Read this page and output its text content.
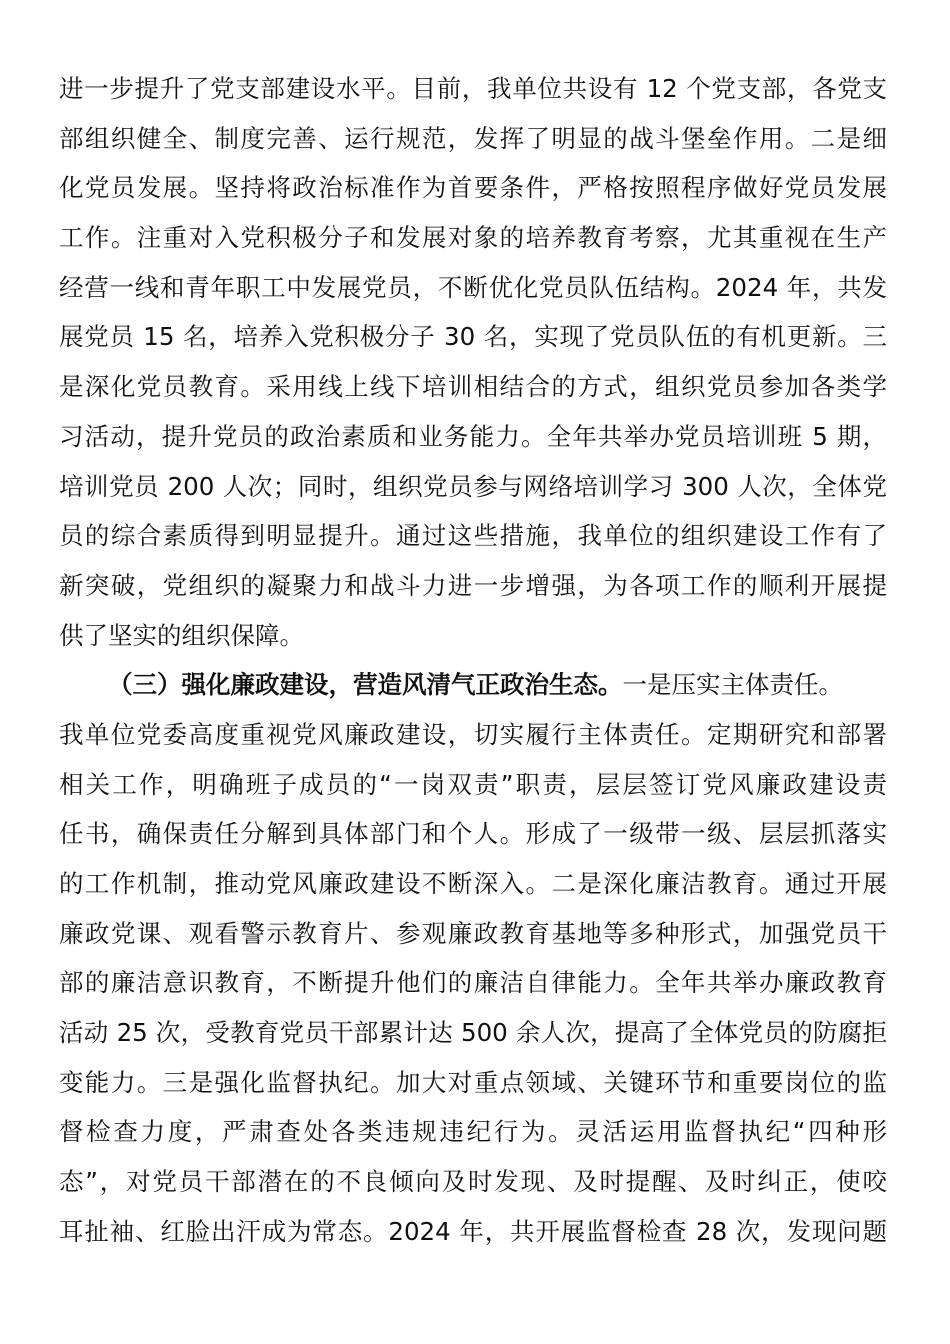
进一步提升了党支部建设水平。目前，我单位共设有 12 个党支部，各党支
部组织健全、制度完善、运行规范，发挥了明显的战斗堡垒作用。二是细
化党员发展。坚持将政治标准作为首要条件，严格按照程序做好党员发展
工作。注重对入党积极分子和发展对象的培养教育考察，尤其重视在生产
经营一线和青年职工中发展党员，不断优化党员队伍结构。2024 年，共发
展党员 15 名，培养入党积极分子 30 名，实现了党员队伍的有机更新。三
是深化党员教育。采用线上线下培训相结合的方式，组织党员参加各类学
习活动，提升党员的政治素质和业务能力。全年共举办党员培训班 5 期，
培训党员 200 人次；同时，组织党员参与网络培训学习 300 人次，全体党
员的综合素质得到明显提升。通过这些措施，我单位的组织建设工作有了
新突破，党组织的凝聚力和战斗力进一步增强，为各项工作的顺利开展提
供了坚实的组织保障。
（三）强化廉政建设，营造风清气正政治生态。一是压实主体责任。
我单位党委高度重视党风廉政建设，切实履行主体责任。定期研究和部署
相关工作，明确班子成员的“一岗双责”职责，层层签订党风廉政建设责
任书，确保责任分解到具体部门和个人。形成了一级带一级、层层抓落实
的工作机制，推动党风廉政建设不断深入。二是深化廉洁教育。通过开展
廉政党课、观看警示教育片、参观廉政教育基地等多种形式，加强党员干
部的廉洁意识教育，不断提升他们的廉洁自律能力。全年共举办廉政教育
活动 25 次，受教育党员干部累计达 500 余人次，提高了全体党员的防腐拒
变能力。三是强化监督执纪。加大对重点领域、关键环节和重要岗位的监
督检查力度，严肃查处各类违规违纪行为。灵活运用监督执纪“四种形
态”，对党员干部潜在的不良倾向及时发现、及时提醒、及时纠正，使咬
耳扯袖、红脸出汗成为常态。2024 年，共开展监督检查 28 次，发现问题
